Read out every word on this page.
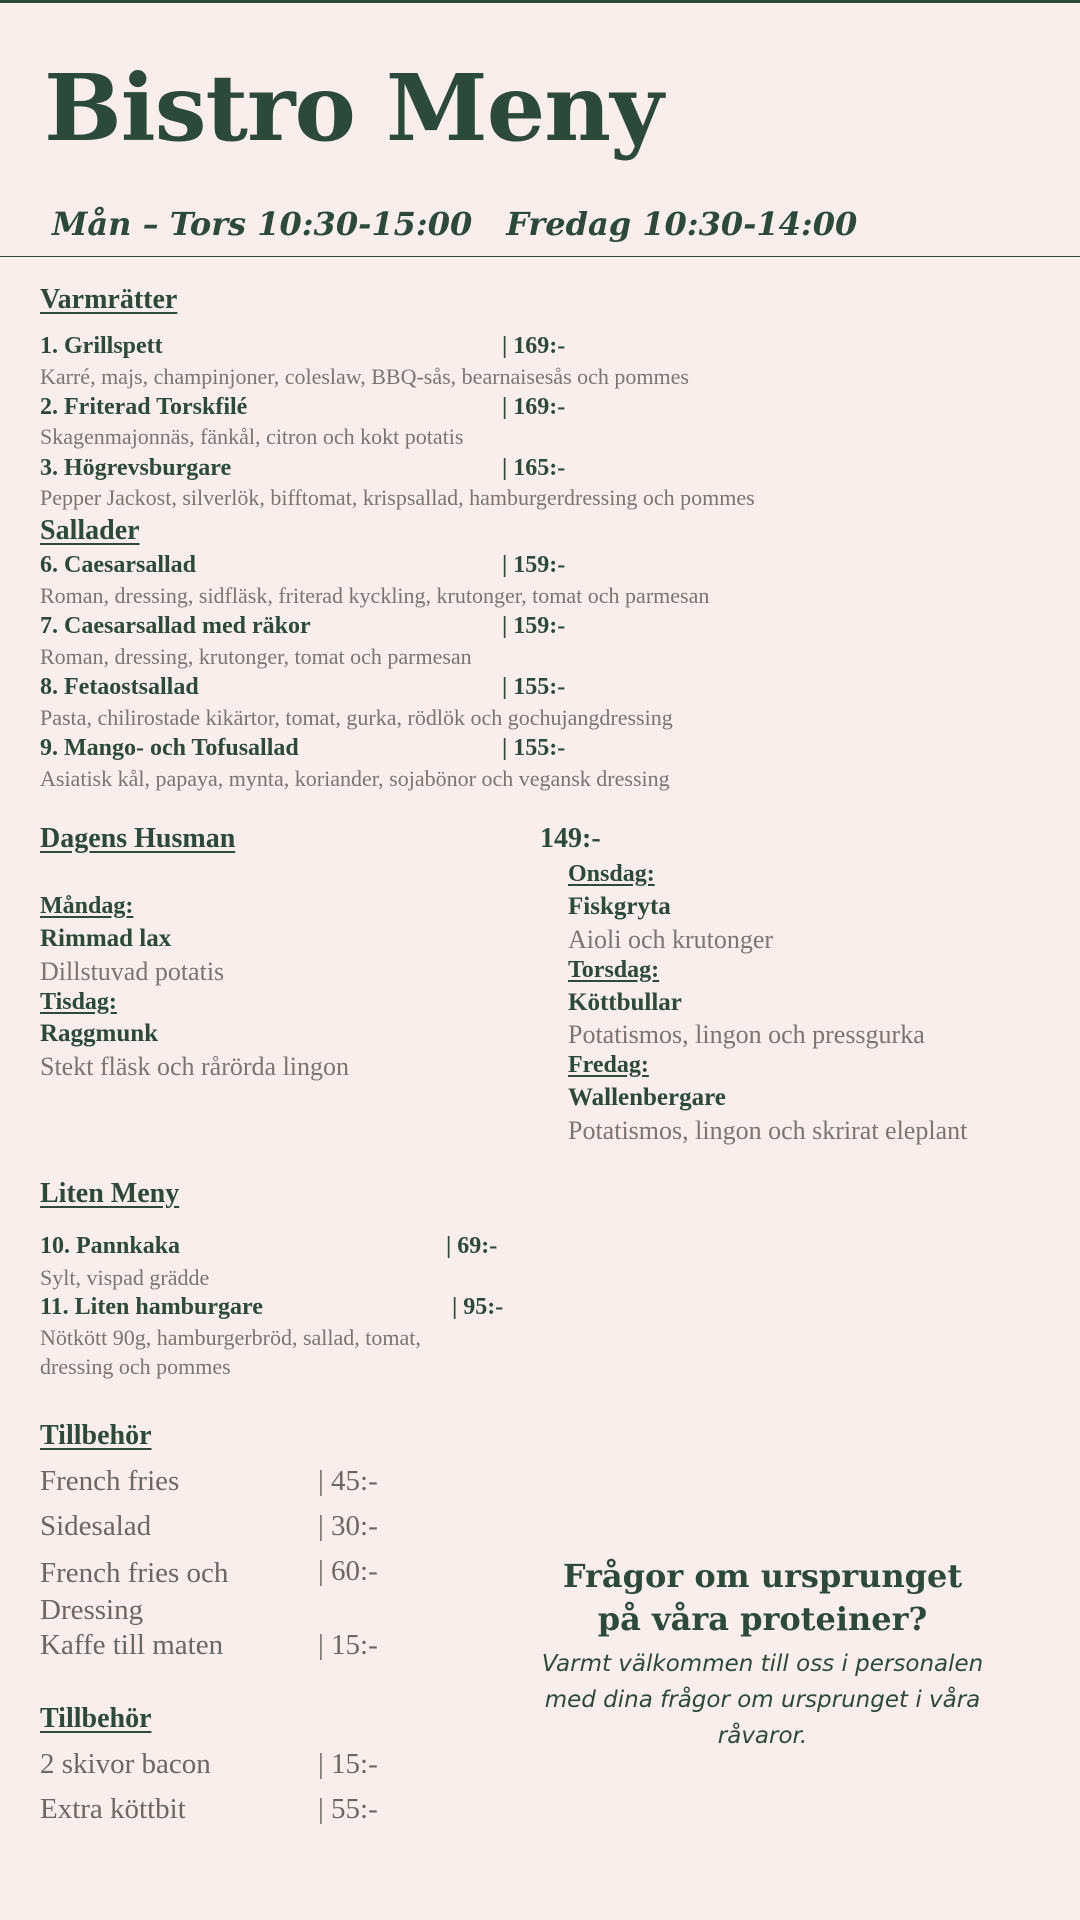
Bistro Meny
Mån – Tors 10:30-15:00 Fredag 10:30-14:00
Varmrätter
1. Grillspett	| 169:-
Karré, majs, champinjoner, coleslaw, BBQ-sås, bearnaisesås och pommes
2. Friterad Torskfilé	| 169:-
Skagenmajonnäs, fänkål, citron och kokt potatis
3. Högrevsburgare	| 165:-
Pepper Jackost, silverlök, bifftomat, krispsallad, hamburgerdressing och pommes
Sallader
6. Caesarsallad	| 159:-
Roman, dressing, sidfläsk, friterad kyckling, krutonger, tomat och parmesan
7. Caesarsallad med räkor	| 159:-
Roman, dressing, krutonger, tomat och parmesan
8. Fetaostsallad	| 155:-
Pasta, chilirostade kikärtor, tomat, gurka, rödlök och gochujangdressing
9. Mango- och Tofusallad	| 155:-
Asiatisk kål, papaya, mynta, koriander, sojabönor och vegansk dressing
Dagens Husman	149:-
Måndag:
Rimmad lax
Dillstuvad potatis
Tisdag:
Raggmunk
Stekt fläsk och rårörda lingon
Onsdag:
Fiskgryta
Aioli och krutonger
Torsdag:
Köttbullar
Potatismos, lingon och pressgurka
Fredag:
Wallenbergare
Potatismos, lingon och skrirat eleplant
Liten Meny
10. Pannkaka	| 69:-
Sylt, vispad grädde
11. Liten hamburgare	| 95:-
Nötkött 90g, hamburgerbröd, sallad, tomat,
dressing och pommes
Tillbehör
French fries	| 45:-
Sidesalad	| 30:-
French fries och Dressing
| 60:-
Kaffe till maten	| 15:-
Tillbehör
2 skivor bacon	| 15:-
Extra köttbit	| 55:-
Frågor om ursprunget
på våra proteiner?
Varmt välkommen till oss i personalen med dina frågor om ursprunget i våra råvaror.
